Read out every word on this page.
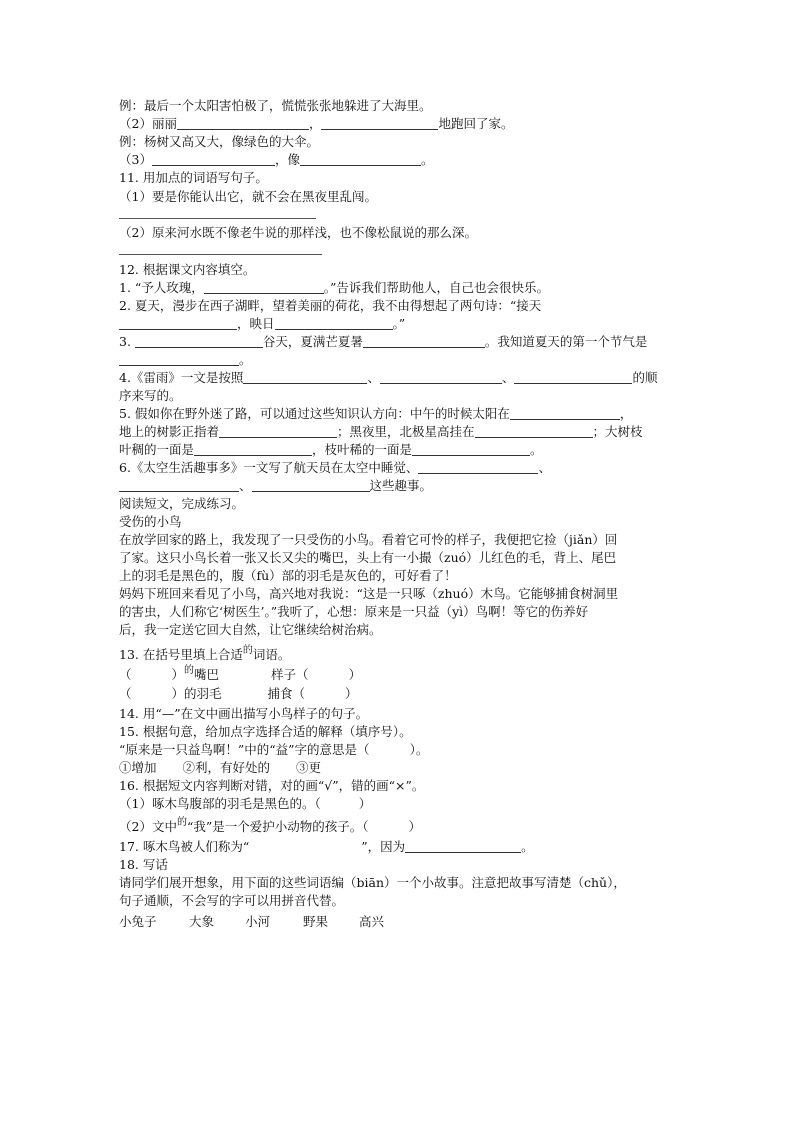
例：最后一个太阳害怕极了，慌慌张张地躲进了大海里。
（2）丽丽	，	地跑回了家。
例：杨树又高又大，像绿色的大伞。
（3）	，像	。
11. 用加点的词语写句子。
（1）要是你能认出它，就不会在黑夜里乱闯。
（2）原来河水既不像老牛说的那样浅，也不像松鼠说的那么深。
12. 根据课文内容填空。
1. “予人玫瑰，	。”告诉我们帮助他人，自己也会很快乐。
2. 夏天，漫步在西子湖畔，望着美丽的荷花，我不由得想起了两句诗：“接天
，映日	。”
3.	谷天，夏满芒夏暑	。我知道夏天的第一个节气是
。
4.《雷雨》一文是按照	、	、	的顺
序来写的。
5. 假如你在野外迷了路，可以通过这些知识认方向：中午的时候太阳在	，
地上的树影正指着	；黑夜里，北极星高挂在	；大树枝
叶稠的一面是	，枝叶稀的一面是	。
6.《太空生活趣事多》一文写了航天员在太空中睡觉、	、
、	这些趣事。
阅读短文，完成练习。
受伤的小鸟
在放学回家的路上，我发现了一只受伤的小鸟。看着它可怜的样子，我便把它捡（jiǎn）回
了家。这只小鸟长着一张又长又尖的嘴巴，头上有一小撮（zuó）儿红色的毛，背上、尾巴
上的羽毛是黑色的，腹（fù）部的羽毛是灰色的，可好看了！
妈妈下班回来看见了小鸟，高兴地对我说：“这是一只啄（zhuó）木鸟。它能够捕食树洞里
的害虫，人们称它‘树医生’。”我听了，心想：原来是一只益（yì）鸟啊！等它的伤养好
后，我一定送它回大自然，让它继续给树治病。
13. 在括号里填上合适$^的$词语。
（	）$^的$嘴巴	样子（	）
（	）的羽毛	捕食（	）
14. 用“—”在文中画出描写小鸟样子的句子。
15. 根据句意，给加点字选择合适的解释（填序号）。
“原来是一只益鸟啊！”中的“益”字的意思是（	）。
①增加 ②利，有好处的 ③更
16. 根据短文内容判断对错，对的画“√”，错的画“×”。
（1）啄木鸟腹部的羽毛是黑色的。（	）
（2）文中$^的$“我”是一个爱护小动物的孩子。（	）
17. 啄木鸟被人们称为“	”，因为	。
18. 写话
请同学们展开想象，用下面的这些词语编（biān）一个小故事。注意把故事写清楚（chǔ），
句子通顺，不会写的字可以用拼音代替。
小兔子	大象 小河	野果 高兴
